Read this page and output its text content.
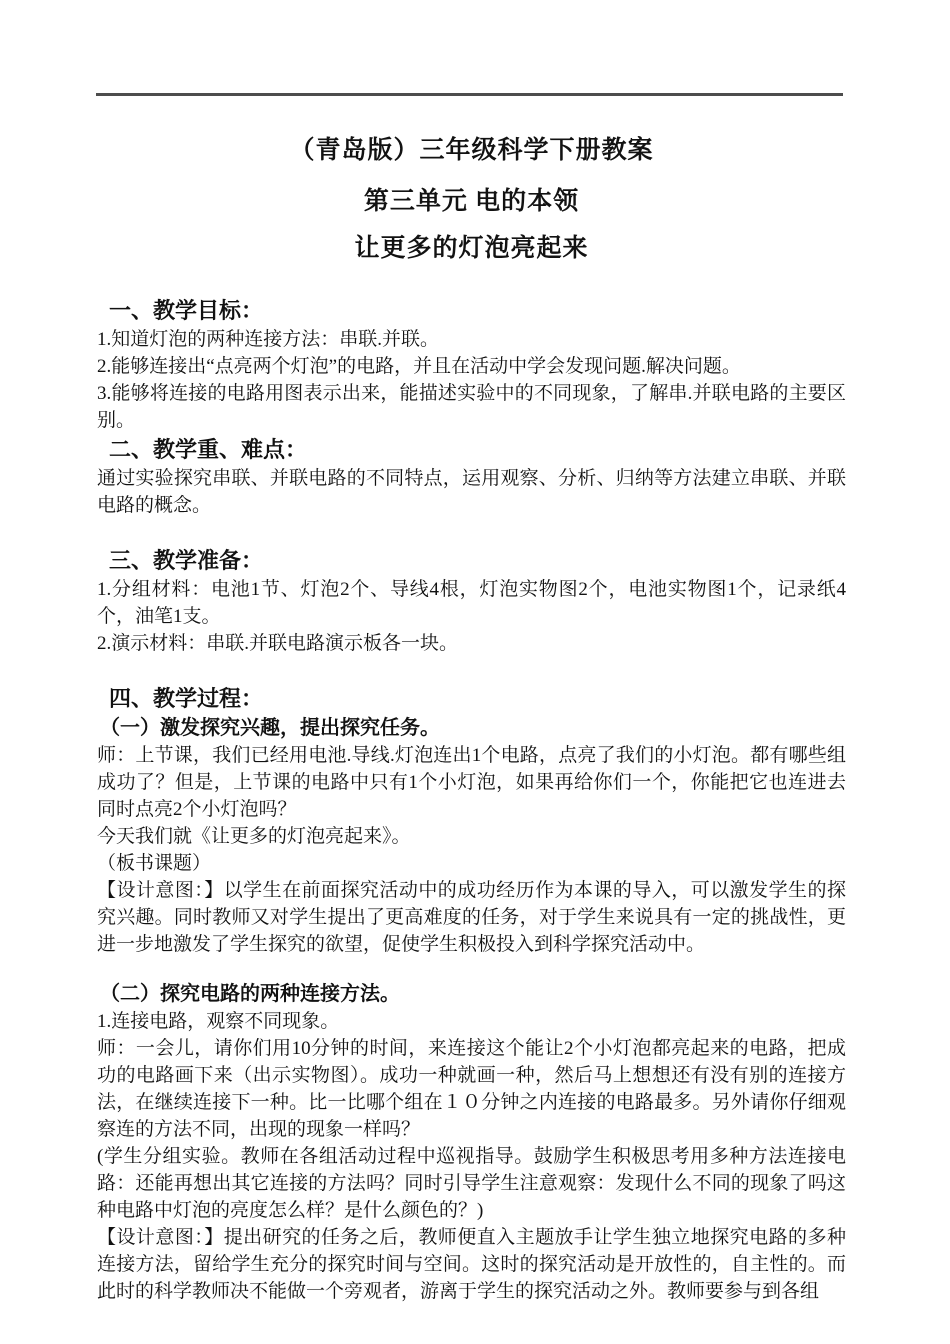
（青岛版）三年级科学下册教案
第三单元 电的本领
让更多的灯泡亮起来
一、教学目标：

1.知道灯泡的两种连接方法：串联.并联。

2.能够连接出“点亮两个灯泡”的电路，并且在活动中学会发现问题.解决问题。

3.能够将连接的电路用图表示出来，能描述实验中的不同现象，了解串.并联电路的主要区别。

二、教学重、难点：

通过实验探究串联、并联电路的不同特点，运用观察、分析、归纳等方法建立串联、并联电路的概念。

三、教学准备：

1.分组材料：电池1节、灯泡2个、导线4根，灯泡实物图2个，电池实物图1个，记录纸4个，油笔1支。

2.演示材料：串联.并联电路演示板各一块。

四、教学过程：
（一）激发探究兴趣，提出探究任务。

师：上节课，我们已经用电池.导线.灯泡连出1个电路，点亮了我们的小灯泡。都有哪些组成功了？但是，上节课的电路中只有1个小灯泡，如果再给你们一个，你能把它也连进去同时点亮2个小灯泡吗？

今天我们就《让更多的灯泡亮起来》。

（板书课题）

【设计意图：】以学生在前面探究活动中的成功经历作为本课的导入，可以激发学生的探究兴趣。同时教师又对学生提出了更高难度的任务，对于学生来说具有一定的挑战性，更进一步地激发了学生探究的欲望，促使学生积极投入到科学探究活动中。

（二）探究电路的两种连接方法。

1.连接电路，观察不同现象。

师：一会儿，请你们用10分钟的时间，来连接这个能让2个小灯泡都亮起来的电路，把成功的电路画下来（出示实物图）。成功一种就画一种，然后马上想想还有没有别的连接方法，在继续连接下一种。比一比哪个组在１０分钟之内连接的电路最多。另外请你仔细观察连的方法不同，出现的现象一样吗？

(学生分组实验。教师在各组活动过程中巡视指导。鼓励学生积极思考用多种方法连接电路：还能再想出其它连接的方法吗？同时引导学生注意观察：发现什么不同的现象了吗这种电路中灯泡的亮度怎么样？是什么颜色的？)

【设计意图：】提出研究的任务之后，教师便直入主题放手让学生独立地探究电路的多种连接方法，留给学生充分的探究时间与空间。这时的探究活动是开放性的，自主性的。而此时的科学教师决不能做一个旁观者，游离于学生的探究活动之外。教师要参与到各组
